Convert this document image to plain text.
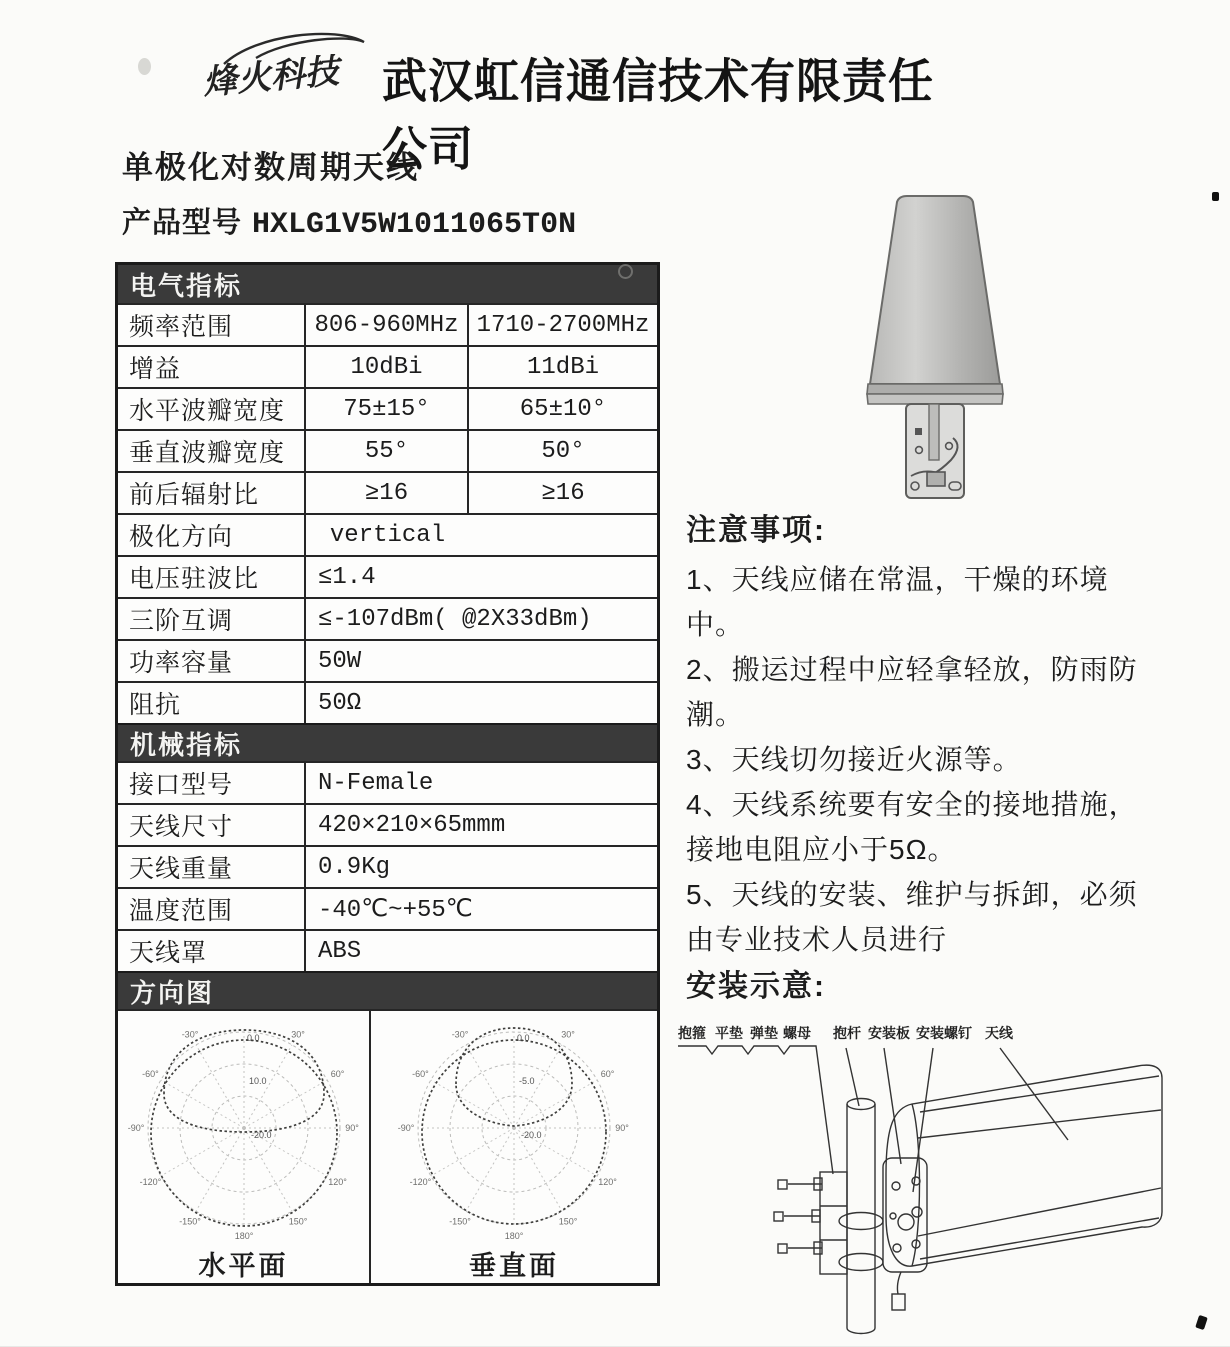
烽火科技 武汉虹信通信技术有限责任公司
单极化对数周期天线
产品型号 HXLG1V5W1011065T0N
电气指标
频率范围	806-960MHz 1710-2700MHz
增益	10dBi	11dBi
水平波瓣宽度	75±15°	65±10°
垂直波瓣宽度	55°	50°
前后辐射比	≥16	≥16
极化方向	vertical
电压驻波比	≤1.4
三阶互调	≤-107dBm( @2X33dBm)
功率容量	50W
阻抗	50Ω
机械指标
接口型号	N-Female
天线尺寸	420×210×65mmm
天线重量	0.9Kg
温度范围	-40℃~+55℃
天线罩	ABS
方向图
-30°	30°
-60°	60°
-90°	90°
-120°	120°
-150°	150°
180°
0.0
10.0
-20.0
水平面
-30°	30°
-60°	60°
-90°	90°
-120°	120°
-150°	150°
180°
0.0
-5.0
-20.0
垂直面
注意事项:
1、天线应储在常温，干燥的环境中。
2、搬运过程中应轻拿轻放，防雨防
潮。
3、天线切勿接近火源等。
4、天线系统要有安全的接地措施，
接地电阻应小于5Ω。
5、天线的安装、维护与拆卸，必须
由专业技术人员进行
安装示意:
抱箍 平垫 弹垫 螺母 抱杆 安装板 安装螺钉 天线
